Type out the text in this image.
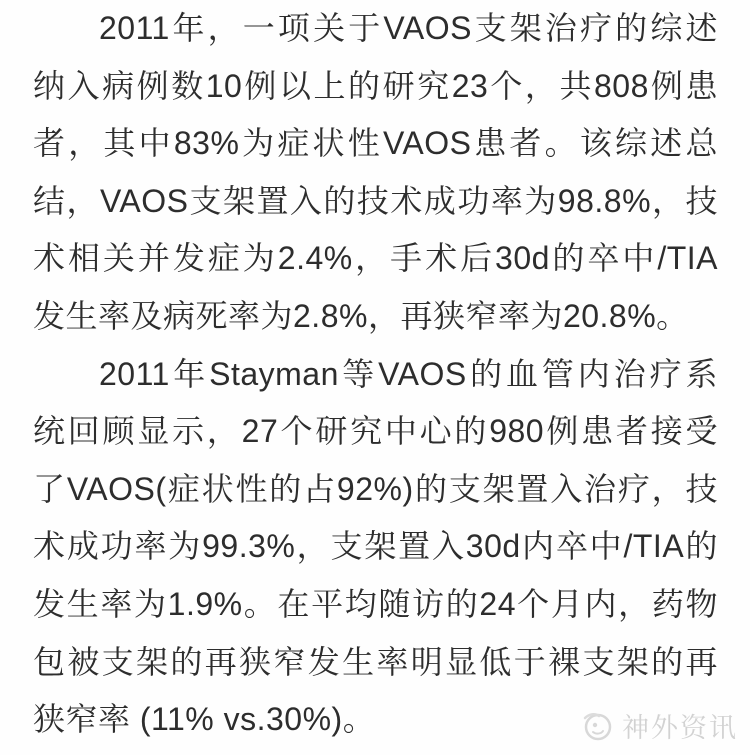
2011年，一项关于VAOS支架治疗的综述
纳入病例数10例以上的研究23个，共808例患
者，其中83%为症状性VAOS患者。该综述总
结，VAOS支架置入的技术成功率为98.8%，技
术相关并发症为2.4%，手术后30d的卒中/TIA
发生率及病死率为2.8%，再狭窄率为20.8%。
2011年Stayman等VAOS的血管内治疗系
统回顾显示，27个研究中心的980例患者接受
了VAOS(症状性的占92%)的支架置入治疗，技
术成功率为99.3%，支架置入30d内卒中/TIA的
发生率为1.9%。在平均随访的24个月内，药物
包被支架的再狭窄发生率明显低于裸支架的再
狭窄率 (11% vs.30%)。	神外资讯
